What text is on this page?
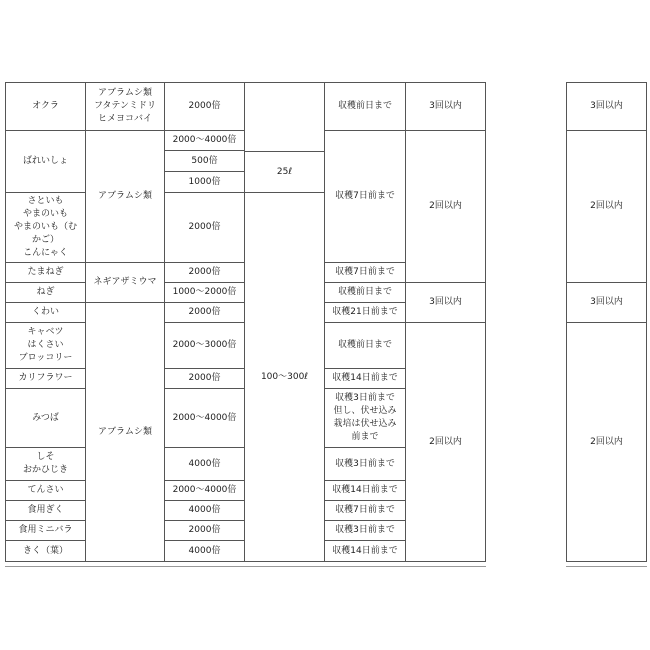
オクラ
ばれいしょ
さといも
やまのいも
やまのいも（む
かご）
こんにゃく
たまねぎ
ねぎ
くわい
キャベツ
はくさい
ブロッコリー
カリフラワー
みつば
しそ
おかひじき
てんさい
食用ぎく
食用ミニバラ
きく（葉）
アブラムシ類
フタテンミドリ
ヒメヨコバイ
アブラムシ類
ネギアザミウマ
アブラムシ類
2000倍
2000～4000倍
500倍
1000倍
2000倍
2000倍
1000～2000倍
2000倍
2000～3000倍
2000倍
2000～4000倍
4000倍
2000～4000倍
4000倍
2000倍
4000倍
25ℓ
100～300ℓ
収穫前日まで
収穫7日前まで
収穫7日前まで
収穫前日まで
収穫21日前まで
収穫前日まで
収穫14日前まで
収穫3日前まで
但し、伏せ込み
栽培は伏せ込み
前まで
収穫3日前まで
収穫14日前まで
収穫7日前まで
収穫3日前まで
収穫14日前まで
3回以内
2回以内
3回以内
2回以内
3回以内
2回以内
3回以内
2回以内
